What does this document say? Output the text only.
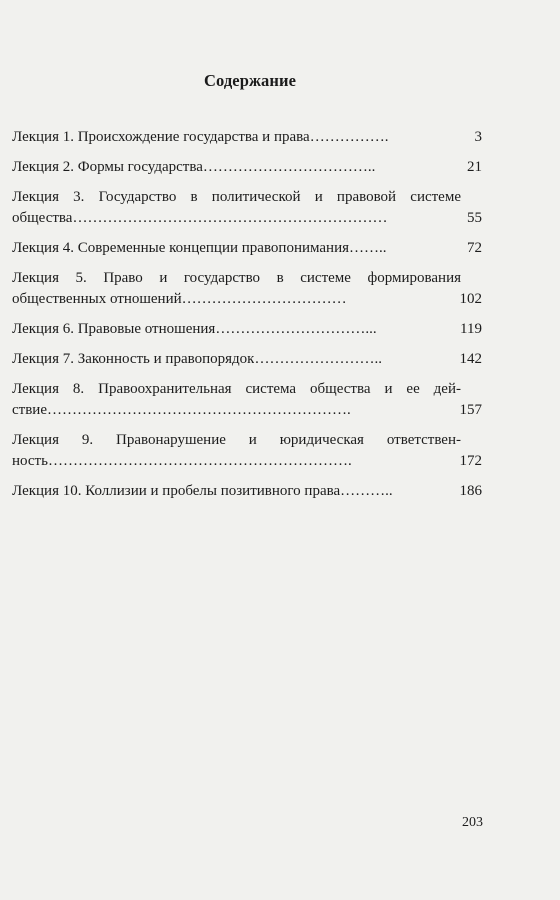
Содержание
Лекция 1. Происхождение государства и права …………….	3
Лекция 2. Формы государства ……………………………..	21
Лекция 3. Государство в политической и правовой системе
общества ………………………………………………………	55
Лекция 4. Современные концепции правопонимания ……..	72
Лекция 5. Право и государство в системе формирования
общественных отношений ……………………………	102
Лекция 6. Правовые отношения …………………………...	119
Лекция 7. Законность и правопорядок ……………………..	142
Лекция 8. Правоохранительная система общества и ее дей-
ствие …………………………………………………….	157
Лекция 9. Правонарушение и юридическая ответствен-
ность …………………………………………………….	172
Лекция 10. Коллизии и пробелы позитивного права ………..	186

203
